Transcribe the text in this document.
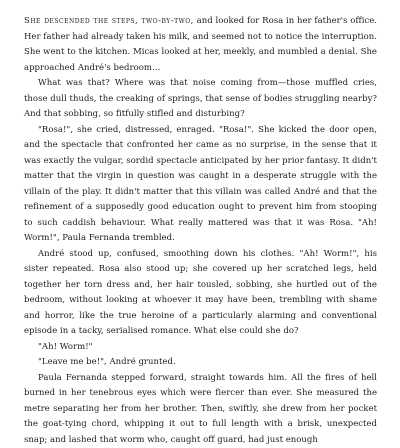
She descended the steps, two-by-two, and looked for Rosa in her father's office. Her father had already taken his milk, and seemed not to notice the interruption. She went to the kitchen. Micas looked at her, meekly, and mumbled a denial. She approached André's bedroom…

What was that? Where was that noise coming from—those muffled cries, those dull thuds, the creaking of springs, that sense of bodies struggling nearby? And that sobbing, so fitfully stifled and disturbing?

"Rosa!", she cried, distressed, enraged. "Rosa!". She kicked the door open, and the spectacle that confronted her came as no surprise, in the sense that it was exactly the vulgar, sordid spectacle anticipated by her prior fantasy. It didn't matter that the virgin in question was caught in a desperate struggle with the villain of the play. It didn't matter that this villain was called André and that the refinement of a supposedly good education ought to prevent him from stooping to such caddish behaviour. What really mattered was that it was Rosa. "Ah! Worm!", Paula Fernanda trembled.

André stood up, confused, smoothing down his clothes. "Ah! Worm!", his sister repeated. Rosa also stood up; she covered up her scratched legs, held together her torn dress and, her hair tousled, sobbing, she hurtled out of the bedroom, without looking at whoever it may have been, trembling with shame and horror, like the true heroine of a particularly alarming and conventional episode in a tacky, serialised romance. What else could she do?

"Ah! Worm!"

"Leave me be!", André grunted.

Paula Fernanda stepped forward, straight towards him. All the fires of hell burned in her tenebrous eyes which were fiercer than ever. She measured the metre separating her from her brother. Then, swiftly, she drew from her pocket the goat-tying chord, whipping it out to full length with a brisk, unexpected snap; and lashed that worm who, caught off guard, had just enough
